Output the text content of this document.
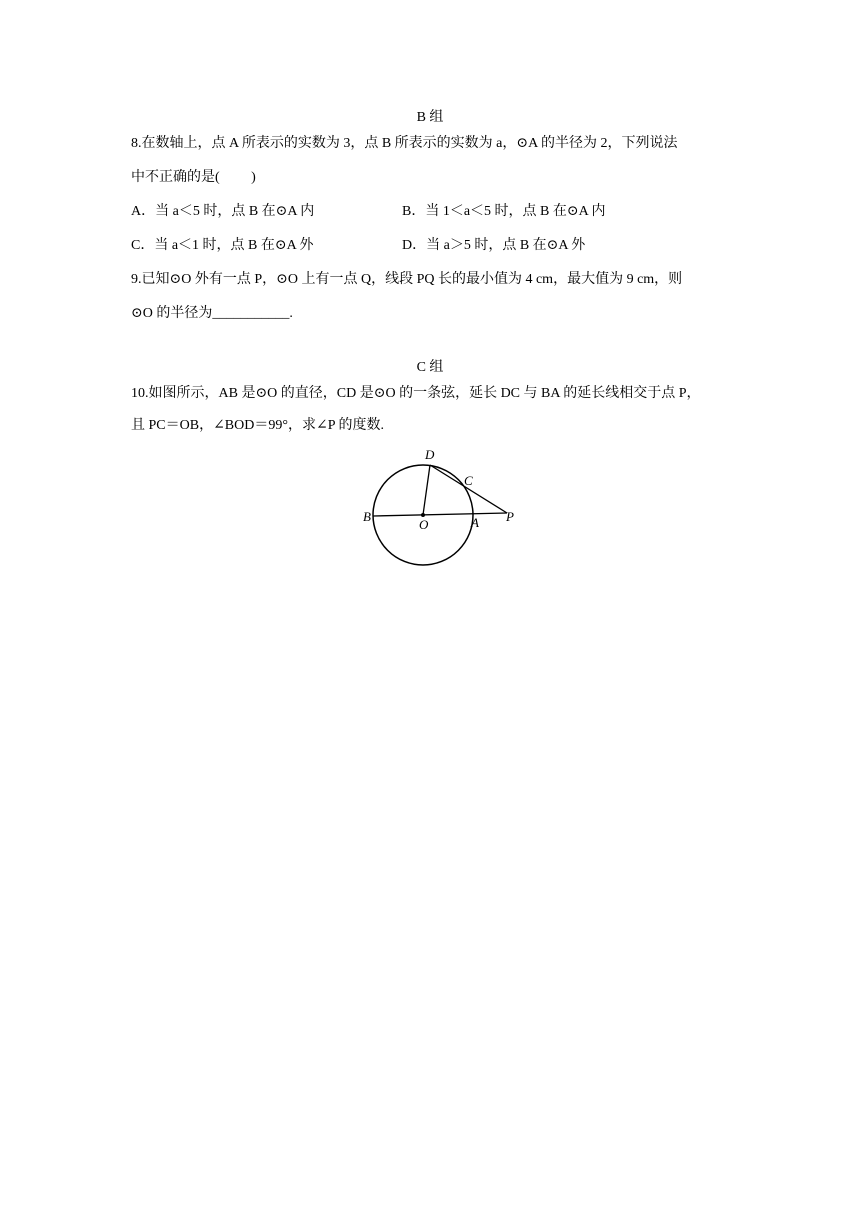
B 组
8.在数轴上，点 A 所表示的实数为 3，点 B 所表示的实数为 a，⊙A 的半径为 2，下列说法
中不正确的是(　　 )
A．当 a＜5 时，点 B 在⊙A 内	B．当 1＜a＜5 时，点 B 在⊙A 内
C．当 a＜1 时，点 B 在⊙A 外	D．当 a＞5 时，点 B 在⊙A 外
9.已知⊙O 外有一点 P，⊙O 上有一点 Q，线段 PQ 长的最小值为 4 cm，最大值为 9 cm，则
⊙O 的半径为___________.
C 组
10.如图所示，AB 是⊙O 的直径，CD 是⊙O 的一条弦，延长 DC 与 BA 的延长线相交于点 P，
且 PC＝OB，∠BOD＝99°，求∠P 的度数.
D
C
B
O	A P
